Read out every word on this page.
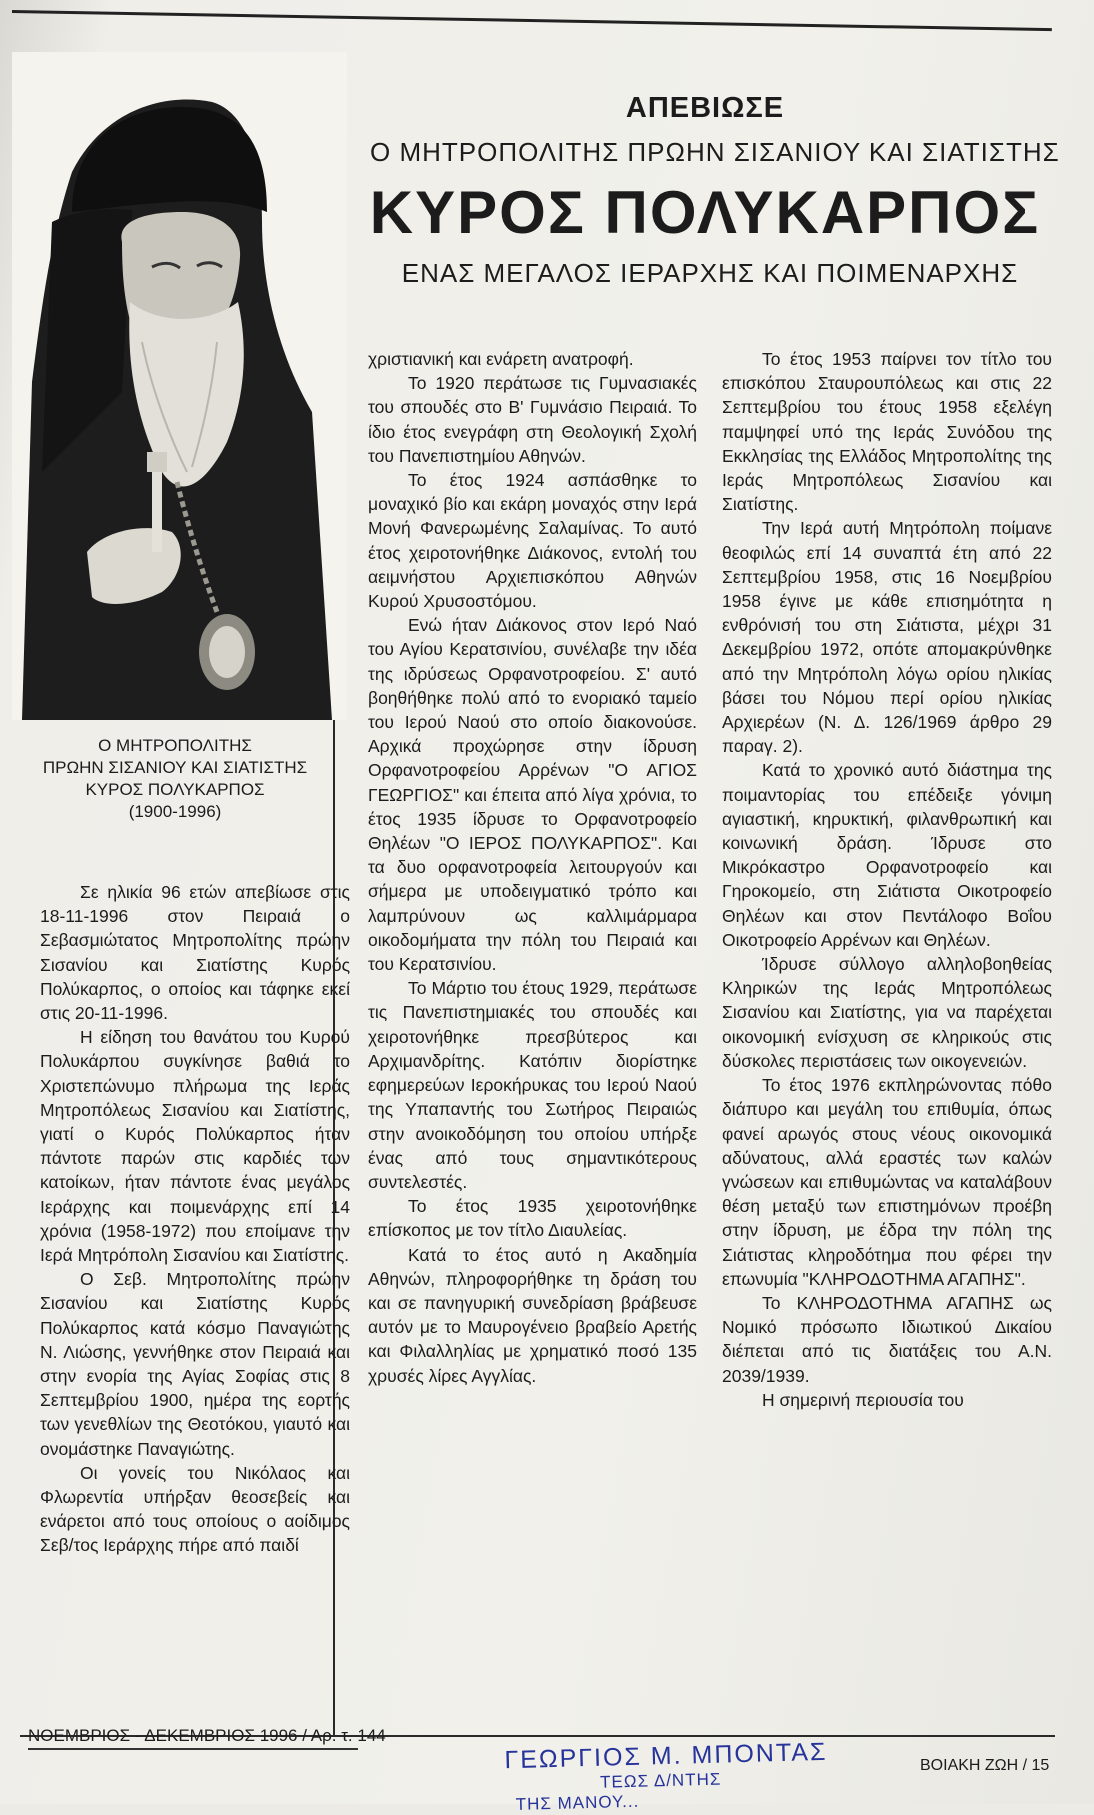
Ο ΜΗΤΡΟΠΟΛΙΤΗΣ
ΠΡΩΗΝ ΣΙΣΑΝΙΟΥ ΚΑΙ ΣΙΑΤΙΣΤΗΣ
ΚΥΡΟΣ ΠΟΛΥΚΑΡΠΟΣ
(1900-1996)
ΑΠΕΒΙΩΣΕ
Ο ΜΗΤΡΟΠΟΛΙΤΗΣ ΠΡΩΗΝ ΣΙΣΑΝΙΟΥ ΚΑΙ ΣΙΑΤΙΣΤΗΣ
ΚΥΡΟΣ ΠΟΛΥΚΑΡΠΟΣ
ΕΝΑΣ ΜΕΓΑΛΟΣ ΙΕΡΑΡΧΗΣ ΚΑΙ ΠΟΙΜΕΝΑΡΧΗΣ

Σε ηλικία 96 ετών απεβίωσε στις 18-11-1996 στον Πειραιά ο Σεβασμιώτατος Μητροπολίτης πρώην Σισανίου και Σιατίστης Κυρός Πολύκαρπος, ο οποίος και τάφηκε εκεί στις 20-11-1996.

Η είδηση του θανάτου του Κυρού Πολυκάρπου συγκίνησε βαθιά το Χριστεπώνυμο πλήρωμα της Ιεράς Μητροπόλεως Σισανίου και Σιατίστης, γιατί ο Κυρός Πολύκαρπος ήταν πάντοτε παρών στις καρδιές των κατοίκων, ήταν πάντοτε ένας μεγάλος Ιεράρχης και ποιμενάρχης επί 14 χρόνια (1958-1972) που εποίμανε την Ιερά Μητρόπολη Σισανίου και Σιατίστης.

Ο Σεβ. Μητροπολίτης πρώην Σισανίου και Σιατίστης Κυρός Πολύκαρπος κατά κόσμο Παναγιώτης Ν. Λιώσης, γεννήθηκε στον Πειραιά και στην ενορία της Αγίας Σοφίας στις 8 Σεπτεμβρίου 1900, ημέρα της εορτής των γενεθλίων της Θεοτόκου, γιαυτό και ονομάστηκε Παναγιώτης.

Οι γονείς του Νικόλαος και Φλωρεντία υπήρξαν θεοσεβείς και ενάρετοι από τους οποίους ο αοίδιμος Σεβ/τος Ιεράρχης πήρε από παιδί

χριστιανική και ενάρετη ανατροφή.

Το 1920 περάτωσε τις Γυμνασιακές του σπουδές στο Β' Γυμνάσιο Πειραιά. Το ίδιο έτος ενεγράφη στη Θεολογική Σχολή του Πανεπιστημίου Αθηνών.

Το έτος 1924 ασπάσθηκε το μοναχικό βίο και εκάρη μοναχός στην Ιερά Μονή Φανερωμένης Σαλαμίνας. Το αυτό έτος χειροτονήθηκε Διάκονος, εντολή του αειμνήστου Αρχιεπισκόπου Αθηνών Κυρού Χρυσοστόμου.

Ενώ ήταν Διάκονος στον Ιερό Ναό του Αγίου Κερατσινίου, συνέλαβε την ιδέα της ιδρύσεως Ορφανοτροφείου. Σ' αυτό βοηθήθηκε πολύ από το ενοριακό ταμείο του Ιερού Ναού στο οποίο διακονούσε. Αρχικά προχώρησε στην ίδρυση Ορφανοτροφείου Αρρένων "Ο ΑΓΙΟΣ ΓΕΩΡΓΙΟΣ" και έπειτα από λίγα χρόνια, το έτος 1935 ίδρυσε το Ορφανοτροφείο Θηλέων "Ο ΙΕΡΟΣ ΠΟΛΥΚΑΡΠΟΣ". Και τα δυο ορφανοτροφεία λειτουργούν και σήμερα με υποδειγματικό τρόπο και λαμπρύνουν ως καλλιμάρμαρα οικοδομήματα την πόλη του Πειραιά και του Κερατσινίου.

Το Μάρτιο του έτους 1929, περάτωσε τις Πανεπιστημιακές του σπουδές και χειροτονήθηκε πρεσβύτερος και Αρχιμανδρίτης. Κατόπιν διορίστηκε εφημερεύων Ιεροκήρυκας του Ιερού Ναού της Υπαπαντής του Σωτήρος Πειραιώς στην ανοικοδόμηση του οποίου υπήρξε ένας από τους σημαντικότερους συντελεστές.

Το έτος 1935 χειροτονήθηκε επίσκοπος με τον τίτλο Διαυλείας.

Κατά το έτος αυτό η Ακαδημία Αθηνών, πληροφορήθηκε τη δράση του και σε πανηγυρική συνεδρίαση βράβευσε αυτόν με το Μαυρογένειο βραβείο Αρετής και Φιλαλληλίας με χρηματικό ποσό 135 χρυσές λίρες Αγγλίας.

Το έτος 1953 παίρνει τον τίτλο του επισκόπου Σταυρουπόλεως και στις 22 Σεπτεμβρίου του έτους 1958 εξελέγη παμψηφεί υπό της Ιεράς Συνόδου της Εκκλησίας της Ελλάδος Μητροπολίτης της Ιεράς Μητροπόλεως Σισανίου και Σιατίστης.

Την Ιερά αυτή Μητρόπολη ποίμανε θεοφιλώς επί 14 συναπτά έτη από 22 Σεπτεμβρίου 1958, στις 16 Νοεμβρίου 1958 έγινε με κάθε επισημότητα η ενθρόνισή του στη Σιάτιστα, μέχρι 31 Δεκεμβρίου 1972, οπότε απομακρύνθηκε από την Μητρόπολη λόγω ορίου ηλικίας βάσει του Νόμου περί ορίου ηλικίας Αρχιερέων (Ν. Δ. 126/1969 άρθρο 29 παραγ. 2).

Κατά το χρονικό αυτό διάστημα της ποιμαντορίας του επέδειξε γόνιμη αγιαστική, κηρυκτική, φιλανθρωπική και κοινωνική δράση. Ίδρυσε στο Μικρόκαστρο Ορφανοτροφείο και Γηροκομείο, στη Σιάτιστα Οικοτροφείο Θηλέων και στον Πεντάλοφο Βοΐου Οικοτροφείο Αρρένων και Θηλέων.

Ίδρυσε σύλλογο αλληλοβοηθείας Κληρικών της Ιεράς Μητροπόλεως Σισανίου και Σιατίστης, για να παρέχεται οικονομική ενίσχυση σε κληρικούς στις δύσκολες περιστάσεις των οικογενειών.

Το έτος 1976 εκπληρώνοντας πόθο διάπυρο και μεγάλη του επιθυμία, όπως φανεί αρωγός στους νέους οικονομικά αδύνατους, αλλά εραστές των καλών γνώσεων και επιθυμώντας να καταλάβουν θέση μεταξύ των επιστημόνων προέβη στην ίδρυση, με έδρα την πόλη της Σιάτιστας κληροδότημα που φέρει την επωνυμία "ΚΛΗΡΟΔΟΤΗΜΑ ΑΓΑΠΗΣ".

Το ΚΛΗΡΟΔΟΤΗΜΑ ΑΓΑΠΗΣ ως Νομικό πρόσωπο Ιδιωτικού Δικαίου διέπεται από τις διατάξεις του Α.Ν. 2039/1939.

Η σημερινή περιουσία του

ΝΟΕΜΒΡΙΟΣ - ΔΕΚΕΜΒΡΙΟΣ 1996 / Αρ. τ. 144
ΒΟΙΑΚΗ ΖΩΗ / 15
ΓΕΩΡΓΙΟΣ Μ. ΜΠΟΝΤΑΣ
ΤΕΩΣ Δ/ΝΤΗΣ
ΤΗΣ ΜΑΝΟΥ...
